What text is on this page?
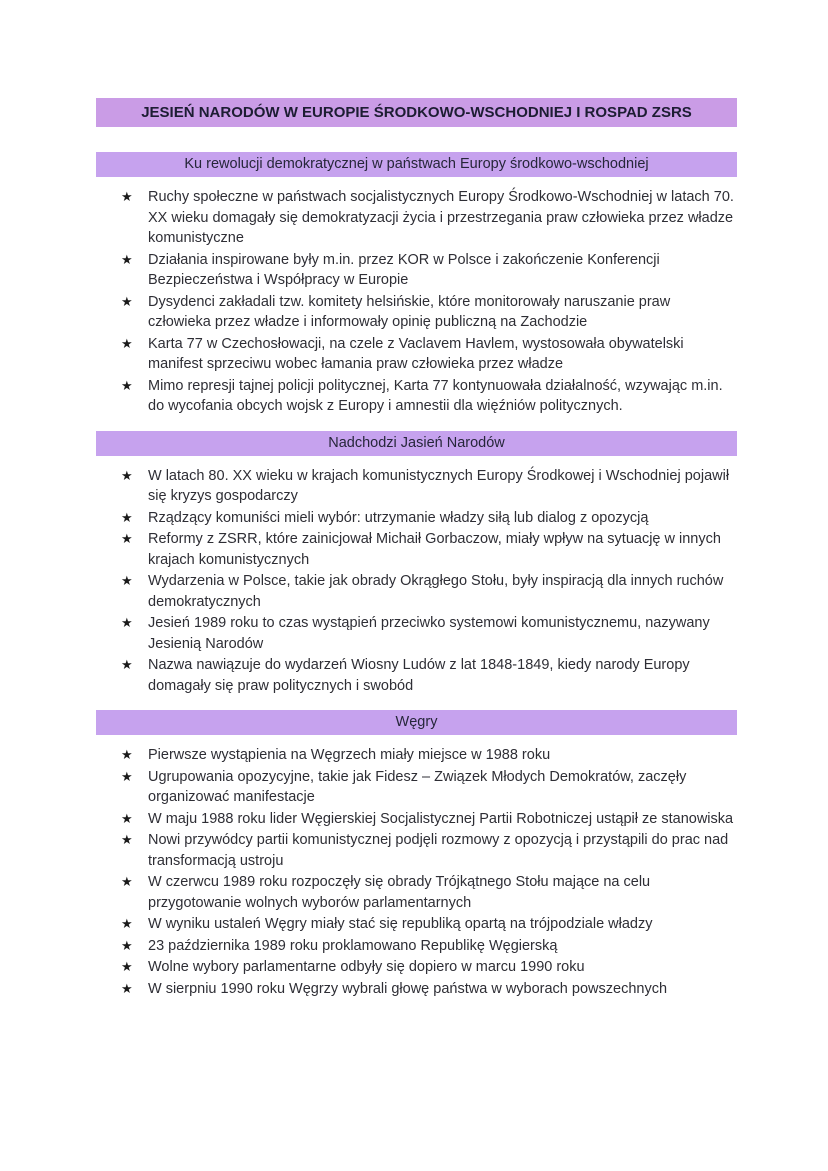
JESIEŃ NARODÓW W EUROPIE ŚRODKOWO-WSCHODNIEJ I ROSPAD ZSRS
Ku rewolucji demokratycznej w państwach Europy środkowo-wschodniej
★ Ruchy społeczne w państwach socjalistycznych Europy Środkowo-Wschodniej w latach 70. XX wieku domagały się demokratyzacji życia i przestrzegania praw człowieka przez władze komunistyczne
★ Działania inspirowane były m.in. przez KOR w Polsce i zakończenie Konferencji Bezpieczeństwa i Współpracy w Europie
★ Dysydenci zakładali tzw. komitety helsińskie, które monitorowały naruszanie praw człowieka przez władze i informowały opinię publiczną na Zachodzie
★ Karta 77 w Czechosłowacji, na czele z Vaclavem Havlem, wystosowała obywatelski manifest sprzeciwu wobec łamania praw człowieka przez władze
★ Mimo represji tajnej policji politycznej, Karta 77 kontynuowała działalność, wzywając m.in. do wycofania obcych wojsk z Europy i amnestii dla więźniów politycznych.
Nadchodzi Jasień Narodów
★ W latach 80. XX wieku w krajach komunistycznych Europy Środkowej i Wschodniej pojawił się kryzys gospodarczy
★ Rządzący komuniści mieli wybór: utrzymanie władzy siłą lub dialog z opozycją
★ Reformy z ZSRR, które zainicjował Michaił Gorbaczow, miały wpływ na sytuację w innych krajach komunistycznych
★ Wydarzenia w Polsce, takie jak obrady Okrągłego Stołu, były inspiracją dla innych ruchów demokratycznych
★ Jesień 1989 roku to czas wystąpień przeciwko systemowi komunistycznemu, nazywany Jesienią Narodów
★ Nazwa nawiązuje do wydarzeń Wiosny Ludów z lat 1848-1849, kiedy narody Europy domagały się praw politycznych i swobód
Węgry
★ Pierwsze wystąpienia na Węgrzech miały miejsce w 1988 roku
★ Ugrupowania opozycyjne, takie jak Fidesz – Związek Młodych Demokratów, zaczęły organizować manifestacje
★ W maju 1988 roku lider Węgierskiej Socjalistycznej Partii Robotniczej ustąpił ze stanowiska
★ Nowi przywódcy partii komunistycznej podjęli rozmowy z opozycją i przystąpili do prac nad transformacją ustroju
★ W czerwcu 1989 roku rozpoczęły się obrady Trójkątnego Stołu mające na celu przygotowanie wolnych wyborów parlamentarnych
★ W wyniku ustaleń Węgry miały stać się republiką opartą na trójpodziale władzy
★ 23 października 1989 roku proklamowano Republikę Węgierską
★ Wolne wybory parlamentarne odbyły się dopiero w marcu 1990 roku
★ W sierpniu 1990 roku Węgrzy wybrali głowę państwa w wyborach powszechnych
